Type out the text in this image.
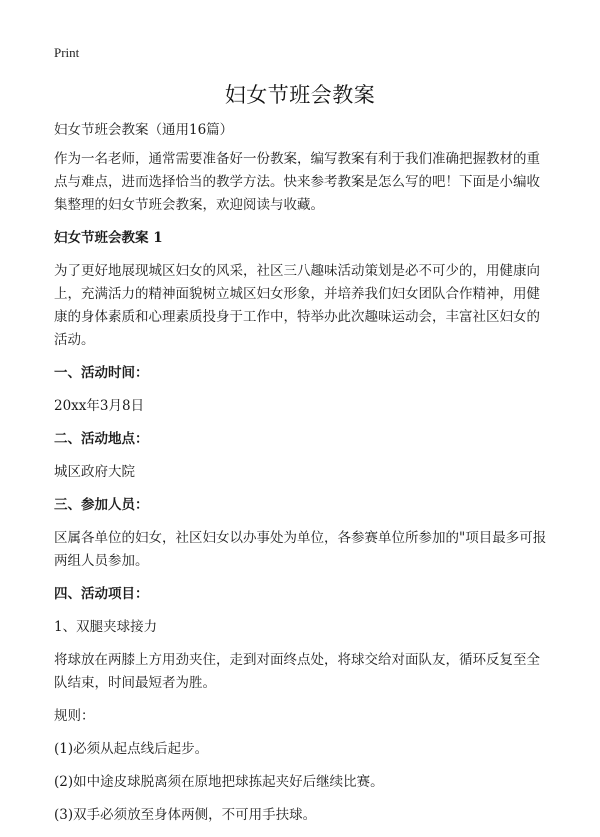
Print
妇女节班会教案

妇女节班会教案（通用16篇）

作为一名老师，通常需要准备好一份教案，编写教案有利于我们准确把握教材的重点与难点，进而选择恰当的教学方法。快来参考教案是怎么写的吧！下面是小编收集整理的妇女节班会教案，欢迎阅读与收藏。

妇女节班会教案 1

为了更好地展现城区妇女的风采，社区三八趣味活动策划是必不可少的，用健康向上，充满活力的精神面貌树立城区妇女形象，并培养我们妇女团队合作精神，用健康的身体素质和心理素质投身于工作中，特举办此次趣味运动会，丰富社区妇女的活动。

一、活动时间：

20xx年3月8日

二、活动地点：

城区政府大院

三、参加人员：

区属各单位的妇女，社区妇女以办事处为单位，各参赛单位所参加的"项目最多可报两组人员参加。

四、活动项目：

1、双腿夹球接力

将球放在两膝上方用劲夹住，走到对面终点处，将球交给对面队友，循环反复至全队结束，时间最短者为胜。

规则：

(1)必须从起点线后起步。

(2)如中途皮球脱离须在原地把球拣起夹好后继续比赛。

(3)双手必须放至身体两侧，不可用手扶球。
